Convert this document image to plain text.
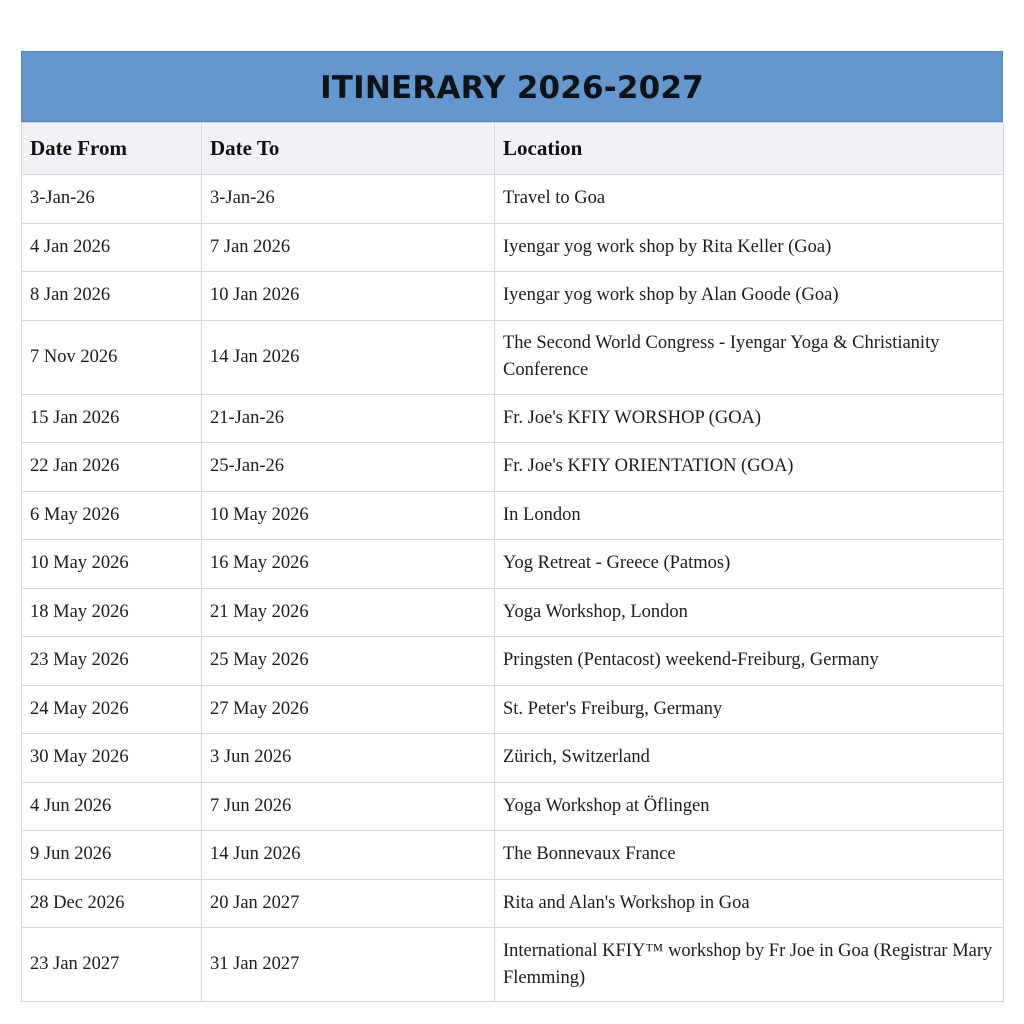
ITINERARY 2026-2027
Date From	Date To	Location
3-Jan-26	3-Jan-26	Travel to Goa
4 Jan 2026	7 Jan 2026	Iyengar yog work shop by Rita Keller (Goa)
8 Jan 2026	10 Jan 2026	Iyengar yog work shop by Alan Goode (Goa)
7 Nov 2026	14 Jan 2026	The Second World Congress - Iyengar Yoga & Christianity Conference
15 Jan 2026	21-Jan-26	Fr. Joe's KFIY WORSHOP (GOA)
22 Jan 2026	25-Jan-26	Fr. Joe's KFIY ORIENTATION (GOA)
6 May 2026	10 May 2026	In London
10 May 2026	16 May 2026	Yog Retreat - Greece (Patmos)
18 May 2026	21 May 2026	Yoga Workshop, London
23 May 2026	25 May 2026	Pringsten (Pentacost) weekend-Freiburg, Germany
24 May 2026	27 May 2026	St. Peter's Freiburg, Germany
30 May 2026	3 Jun 2026	Zürich, Switzerland
4 Jun 2026	7 Jun 2026	Yoga Workshop at Öflingen
9 Jun 2026	14 Jun 2026	The Bonnevaux France
28 Dec 2026	20 Jan 2027	Rita and Alan's Workshop in Goa
23 Jan 2027	31 Jan 2027	International KFIY™ workshop by Fr Joe in Goa (Registrar Mary Flemming)
